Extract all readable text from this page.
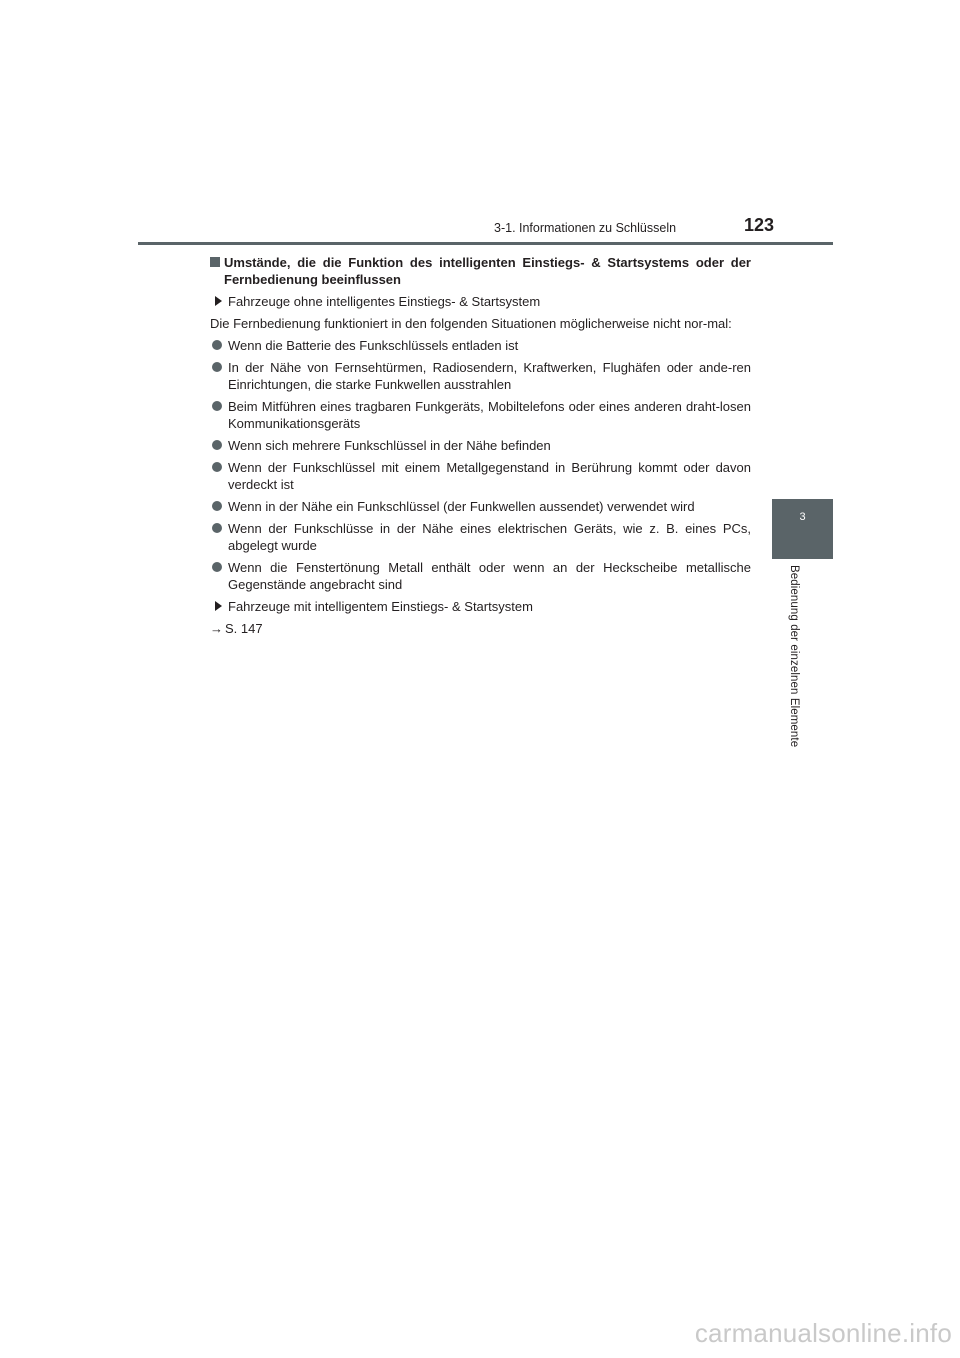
3-1. Informationen zu Schlüsseln	123
3
Bedienung der einzelnen Elemente
Umstände, die die Funktion des intelligenten Einstiegs- & Startsystems oder der Fernbedienung beeinflussen
Fahrzeuge ohne intelligentes Einstiegs- & Startsystem
Die Fernbedienung funktioniert in den folgenden Situationen möglicherweise nicht nor-mal:
Wenn die Batterie des Funkschlüssels entladen ist
In der Nähe von Fernsehtürmen, Radiosendern, Kraftwerken, Flughäfen oder ande-ren Einrichtungen, die starke Funkwellen ausstrahlen
Beim Mitführen eines tragbaren Funkgeräts, Mobiltelefons oder eines anderen draht-losen Kommunikationsgeräts
Wenn sich mehrere Funkschlüssel in der Nähe befinden
Wenn der Funkschlüssel mit einem Metallgegenstand in Berührung kommt oder davon verdeckt ist
Wenn in der Nähe ein Funkschlüssel (der Funkwellen aussendet) verwendet wird
Wenn der Funkschlüsse in der Nähe eines elektrischen Geräts, wie z. B. eines PCs, abgelegt wurde
Wenn die Fenstertönung Metall enthält oder wenn an der Heckscheibe metallische Gegenstände angebracht sind
Fahrzeuge mit intelligentem Einstiegs- & Startsystem
→ S. 147
carmanualsonline.info
